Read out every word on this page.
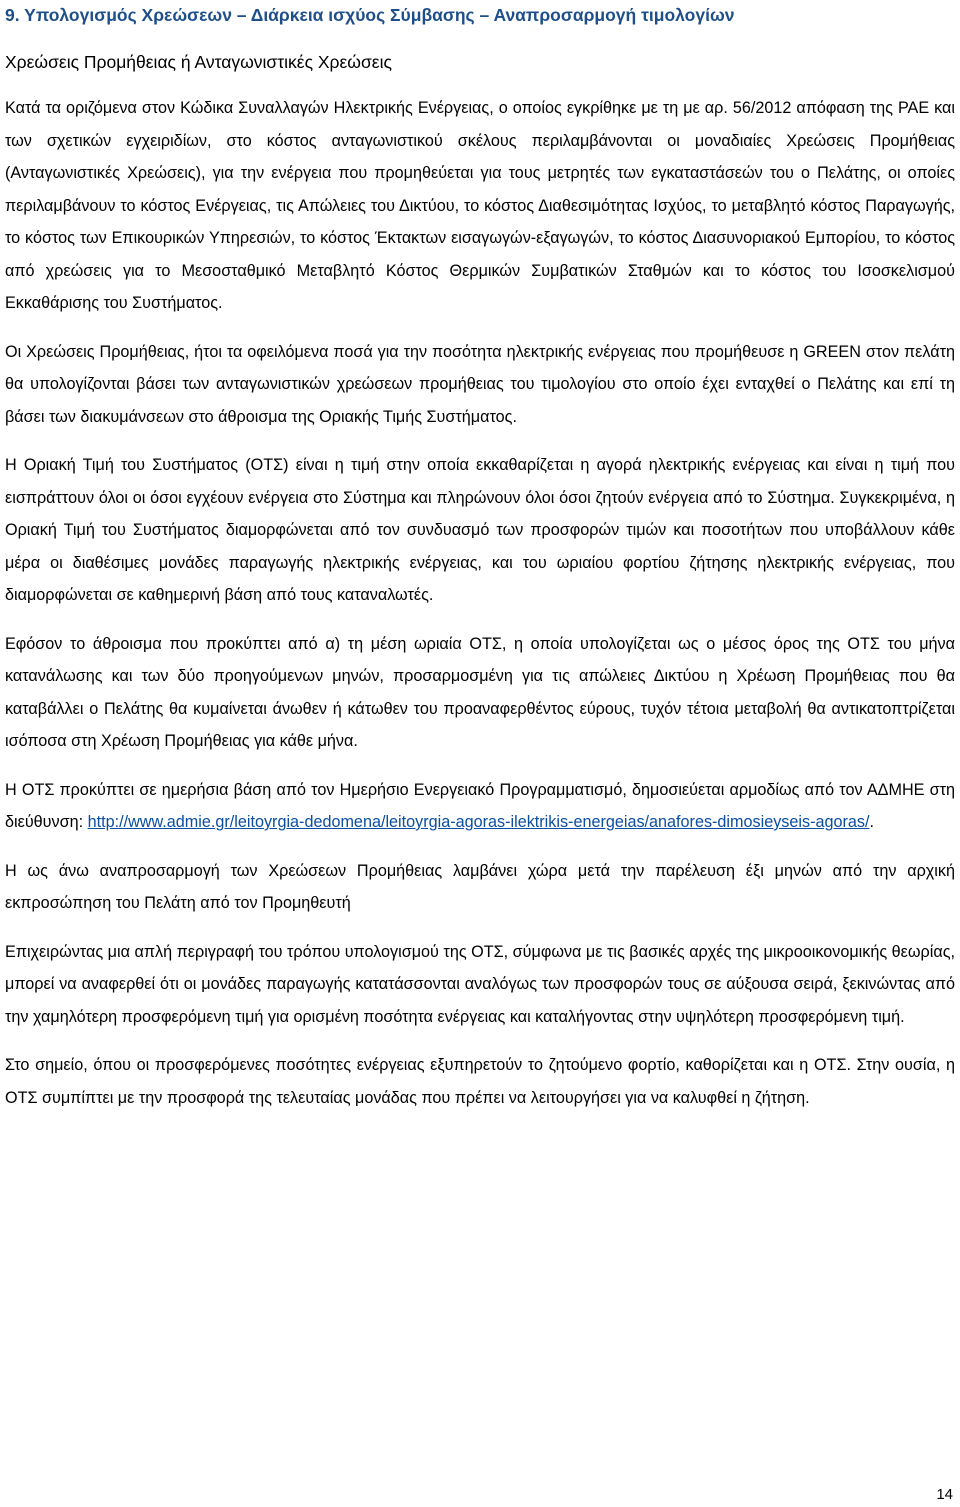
9. Υπολογισμός Χρεώσεων – Διάρκεια ισχύος Σύμβασης – Αναπροσαρμογή τιμολογίων
Χρεώσεις Προμήθειας ή Ανταγωνιστικές Χρεώσεις

Κατά τα οριζόμενα στον Κώδικα Συναλλαγών Ηλεκτρικής Ενέργειας, ο οποίος εγκρίθηκε με τη με αρ. 56/2012 απόφαση της ΡΑΕ και των σχετικών εγχειριδίων, στο κόστος ανταγωνιστικού σκέλους περιλαμβάνονται οι μοναδιαίες Χρεώσεις Προμήθειας (Ανταγωνιστικές Χρεώσεις), για την ενέργεια που προμηθεύεται για τους μετρητές των εγκαταστάσεών του ο Πελάτης, οι οποίες περιλαμβάνουν το κόστος Ενέργειας, τις Απώλειες του Δικτύου, το κόστος Διαθεσιμότητας Ισχύος, το μεταβλητό κόστος Παραγωγής, το κόστος των Επικουρικών Υπηρεσιών, το κόστος Έκτακτων εισαγωγών-εξαγωγών, το κόστος Διασυνοριακού Εμπορίου, το κόστος από χρεώσεις για το Μεσοσταθμικό Μεταβλητό Κόστος Θερμικών Συμβατικών Σταθμών και το κόστος του Ισοσκελισμού Εκκαθάρισης του Συστήματος.

Οι Χρεώσεις Προμήθειας, ήτοι τα οφειλόμενα ποσά για την ποσότητα ηλεκτρικής ενέργειας που προμήθευσε η GREEN στον πελάτη θα υπολογίζονται βάσει των ανταγωνιστικών χρεώσεων προμήθειας του τιμολογίου στο οποίο έχει ενταχθεί ο Πελάτης και επί τη βάσει των διακυμάνσεων στο άθροισμα της Οριακής Τιμής Συστήματος.

Η Οριακή Τιμή του Συστήματος (ΟΤΣ) είναι η τιμή στην οποία εκκαθαρίζεται η αγορά ηλεκτρικής ενέργειας και είναι η τιμή που εισπράττουν όλοι οι όσοι εγχέουν ενέργεια στο Σύστημα και πληρώνουν όλοι όσοι ζητούν ενέργεια από το Σύστημα. Συγκεκριμένα, η Οριακή Τιμή του Συστήματος διαμορφώνεται από τον συνδυασμό των προσφορών τιμών και ποσοτήτων που υποβάλλουν κάθε μέρα οι διαθέσιμες μονάδες παραγωγής ηλεκτρικής ενέργειας, και του ωριαίου φορτίου ζήτησης ηλεκτρικής ενέργειας, που διαμορφώνεται σε καθημερινή βάση από τους καταναλωτές.

Εφόσον το άθροισμα που προκύπτει από α) τη μέση ωριαία ΟΤΣ, η οποία υπολογίζεται ως ο μέσος όρος της ΟΤΣ του μήνα κατανάλωσης και των δύο προηγούμενων μηνών, προσαρμοσμένη για τις απώλειες Δικτύου η Χρέωση Προμήθειας που θα καταβάλλει ο Πελάτης θα κυμαίνεται άνωθεν ή κάτωθεν του προαναφερθέντος εύρους, τυχόν τέτοια μεταβολή θα αντικατοπτρίζεται ισόποσα στη Χρέωση Προμήθειας για κάθε μήνα.

Η ΟΤΣ προκύπτει σε ημερήσια βάση από τον Ημερήσιο Ενεργειακό Προγραμματισμό, δημοσιεύεται αρμοδίως από τον ΑΔΜΗΕ στη διεύθυνση: http://www.admie.gr/leitoyrgia-dedomena/leitoyrgia-agoras-ilektrikis-energeias/anafores-dimosieyseis-agoras/.

Η ως άνω αναπροσαρμογή των Χρεώσεων Προμήθειας λαμβάνει χώρα μετά την παρέλευση έξι μηνών από την αρχική εκπροσώπηση του Πελάτη από τον Προμηθευτή

Επιχειρώντας μια απλή περιγραφή του τρόπου υπολογισμού της ΟΤΣ, σύμφωνα με τις βασικές αρχές της μικροοικονομικής θεωρίας, μπορεί να αναφερθεί ότι οι μονάδες παραγωγής κατατάσσονται αναλόγως των προσφορών τους σε αύξουσα σειρά, ξεκινώντας από την χαμηλότερη προσφερόμενη τιμή για ορισμένη ποσότητα ενέργειας και καταλήγοντας στην υψηλότερη προσφερόμενη τιμή.

Στο σημείο, όπου οι προσφερόμενες ποσότητες ενέργειας εξυπηρετούν το ζητούμενο φορτίο, καθορίζεται και η ΟΤΣ. Στην ουσία, η ΟΤΣ συμπίπτει με την προσφορά της τελευταίας μονάδας που πρέπει να λειτουργήσει για να καλυφθεί η ζήτηση.

14
